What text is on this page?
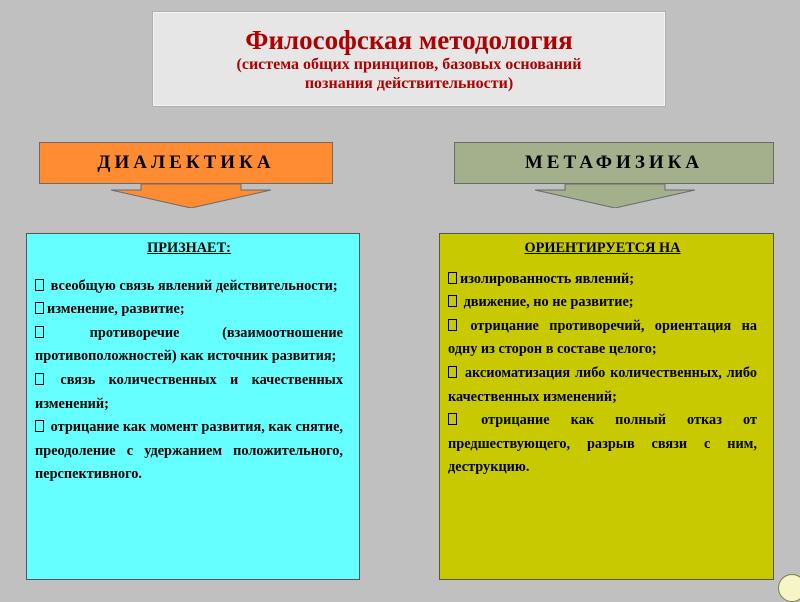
Философская методология
(система общих принципов, базовых оснований
познания действительности)
ДИАЛЕКТИКА	МЕТАФИЗИКА
ПРИЗНАЕТ:

всеобщую связь явлений действительности;

изменение, развитие;

противоречие (взаимоотношение противоположностей) как источник развития;

связь количественных и качественных изменений;

отрицание как момент развития, как снятие, преодоление с удержанием положительного, перспективного.

ОРИЕНТИРУЕТСЯ НА

изолированность явлений;

движение, но не развитие;

отрицание противоречий, ориентация на одну из сторон в составе целого;

аксиоматизация либо количественных, либо качественных изменений;

отрицание как полный отказ от предшествующего, разрыв связи с ним, деструкцию.
